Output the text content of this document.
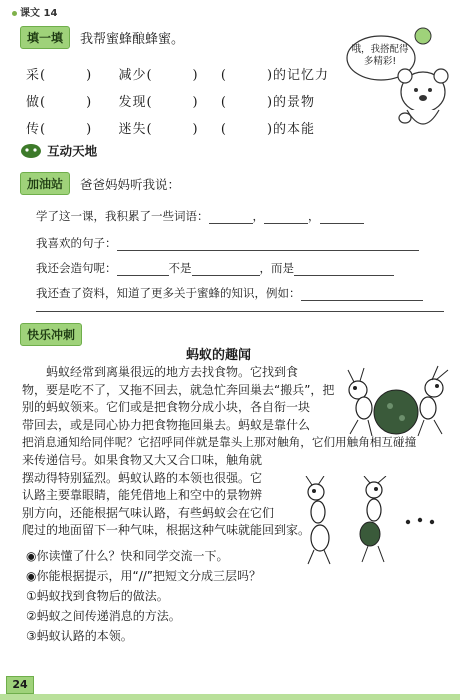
课文 14
填一填	我帮蜜蜂酿蜂蜜。
采(	) 减少(	) (	)的记忆力
做(	) 发现(	) (	)的景物
传(	) 迷失(	) (	)的本能
哦，我搭配得多精彩!
互动天地
加油站	爸爸妈妈听我说：
学了这一课，我积累了一些词语：	，	，
我喜欢的句子：
我还会造句呢：	不是	，而是
我还查了资料，知道了更多关于蜜蜂的知识，例如：
快乐冲刺
蚂蚁的趣闻
　　蚂蚁经常到离巢很远的地方去找食物。它找到食
物，要是吃不了，又拖不回去，就急忙奔回巢去“搬兵”，把
别的蚂蚁领来。它们或是把食物分成小块，各自衔一块
带回去，或是同心协力把食物拖回巢去。蚂蚁是靠什么
把消息通知给同伴呢？它招呼同伴就是靠头上那对触角，它们用触角相互碰撞
来传递信号。如果食物又大又合口味，触角就
摆动得特别猛烈。蚂蚁认路的本领也很强。它
认路主要靠眼睛，能凭借地上和空中的景物辨
别方向，还能根据气味认路，有些蚂蚁会在它们
爬过的地面留下一种气味，根据这种气味就能回到家。
◉你读懂了什么？快和同学交流一下。
◉你能根据提示，用“//”把短文分成三层吗？
①蚂蚁找到食物后的做法。
②蚂蚁之间传递消息的方法。
③蚂蚁认路的本领。
24
